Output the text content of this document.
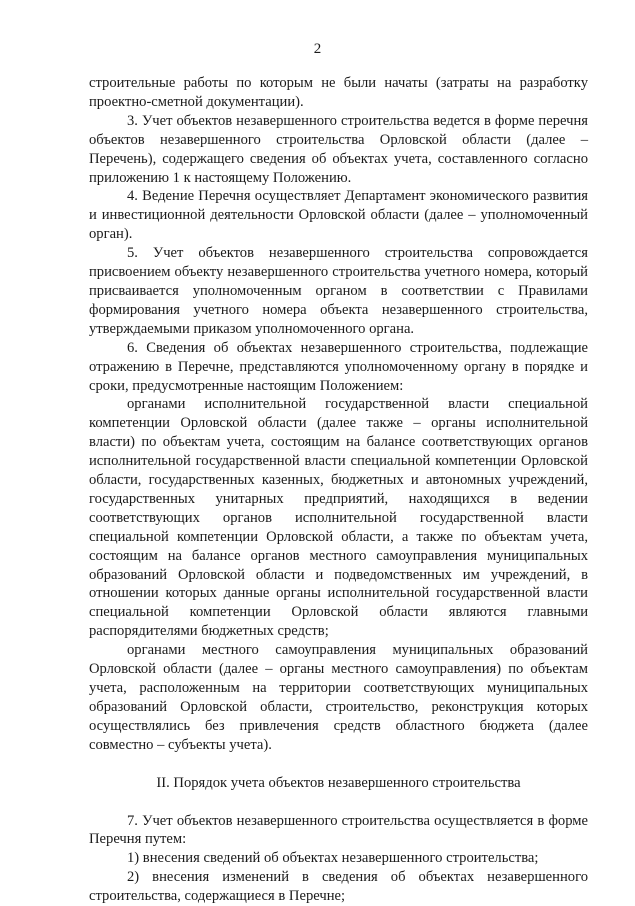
2

строительные работы по которым не были начаты (затраты на разработку проектно-сметной документации).

3. Учет объектов незавершенного строительства ведется в форме перечня объектов незавершенного строительства Орловской области (далее – Перечень), содержащего сведения об объектах учета, составленного согласно приложению 1 к настоящему Положению.

4. Ведение Перечня осуществляет Департамент экономического развития и инвестиционной деятельности Орловской области (далее – уполномоченный орган).

5. Учет объектов незавершенного строительства сопровождается присвоением объекту незавершенного строительства учетного номера, который присваивается уполномоченным органом в соответствии с Правилами формирования учетного номера объекта незавершенного строительства, утверждаемыми приказом уполномоченного органа.

6. Сведения об объектах незавершенного строительства, подлежащие отражению в Перечне, представляются уполномоченному органу в порядке и сроки, предусмотренные настоящим Положением:

органами исполнительной государственной власти специальной компетенции Орловской области (далее также – органы исполнительной власти) по объектам учета, состоящим на балансе соответствующих органов исполнительной государственной власти специальной компетенции Орловской области, государственных казенных, бюджетных и автономных учреждений, государственных унитарных предприятий, находящихся в ведении соответствующих органов исполнительной государственной власти специальной компетенции Орловской области, а также по объектам учета, состоящим на балансе органов местного самоуправления муниципальных образований Орловской области и подведомственных им учреждений, в отношении которых данные органы исполнительной государственной власти специальной компетенции Орловской области являются главными распорядителями бюджетных средств;

органами местного самоуправления муниципальных образований Орловской области (далее – органы местного самоуправления) по объектам учета, расположенным на территории соответствующих муниципальных образований Орловской области, строительство, реконструкция которых осуществлялись без привлечения средств областного бюджета (далее совместно – субъекты учета).

II. Порядок учета объектов незавершенного строительства

7. Учет объектов незавершенного строительства осуществляется в форме Перечня путем:

1) внесения сведений об объектах незавершенного строительства;

2) внесения изменений в сведения об объектах незавершенного строительства, содержащиеся в Перечне;
